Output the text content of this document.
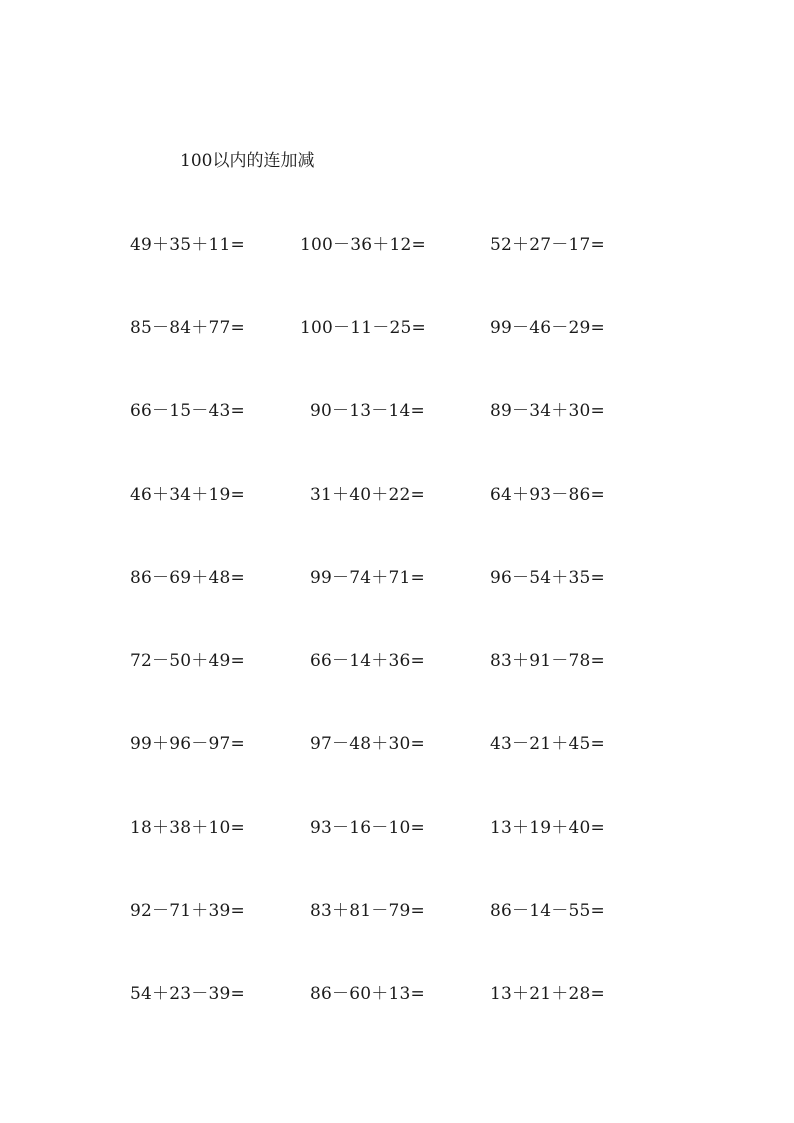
100以内的连加减
49＋35＋11=	100－36＋12=	52＋27－17=
85－84＋77=	100－11－25=	99－46－29=
66－15－43=	90－13－14=	89－34＋30=
46＋34＋19=	31＋40＋22=	64＋93－86=
86－69＋48=	99－74＋71=	96－54＋35=
72－50＋49=	66－14＋36=	83＋91－78=
99＋96－97=	97－48＋30=	43－21＋45=
18＋38＋10=	93－16－10=	13＋19＋40=
92－71＋39=	83＋81－79=	86－14－55=
54＋23－39=	86－60＋13=	13＋21＋28=
